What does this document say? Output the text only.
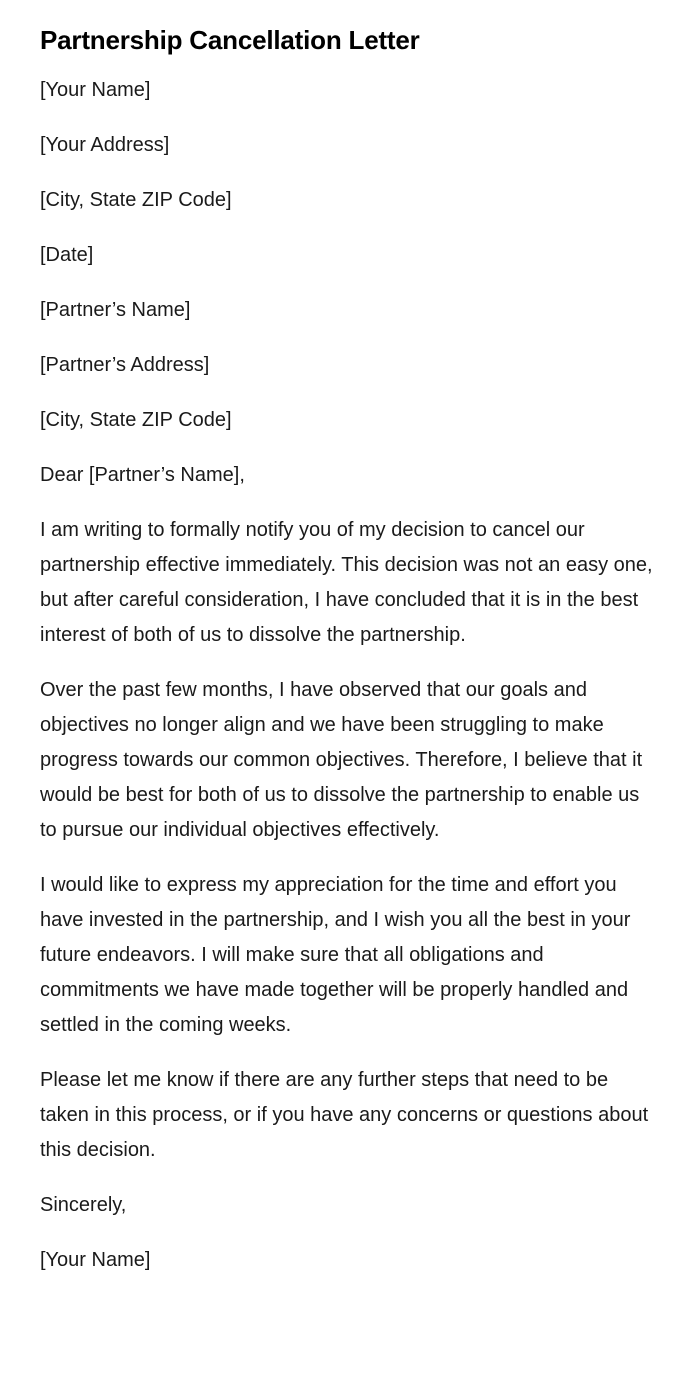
Partnership Cancellation Letter

[Your Name]

[Your Address]

[City, State ZIP Code]

[Date]

[Partner’s Name]

[Partner’s Address]

[City, State ZIP Code]

Dear [Partner’s Name],

I am writing to formally notify you of my decision to cancel our partnership effective immediately. This decision was not an easy one, but after careful consideration, I have concluded that it is in the best interest of both of us to dissolve the partnership.

Over the past few months, I have observed that our goals and objectives no longer align and we have been struggling to make progress towards our common objectives. Therefore, I believe that it would be best for both of us to dissolve the partnership to enable us to pursue our individual objectives effectively.

I would like to express my appreciation for the time and effort you have invested in the partnership, and I wish you all the best in your future endeavors. I will make sure that all obligations and commitments we have made together will be properly handled and settled in the coming weeks.

Please let me know if there are any further steps that need to be taken in this process, or if you have any concerns or questions about this decision.

Sincerely,

[Your Name]
